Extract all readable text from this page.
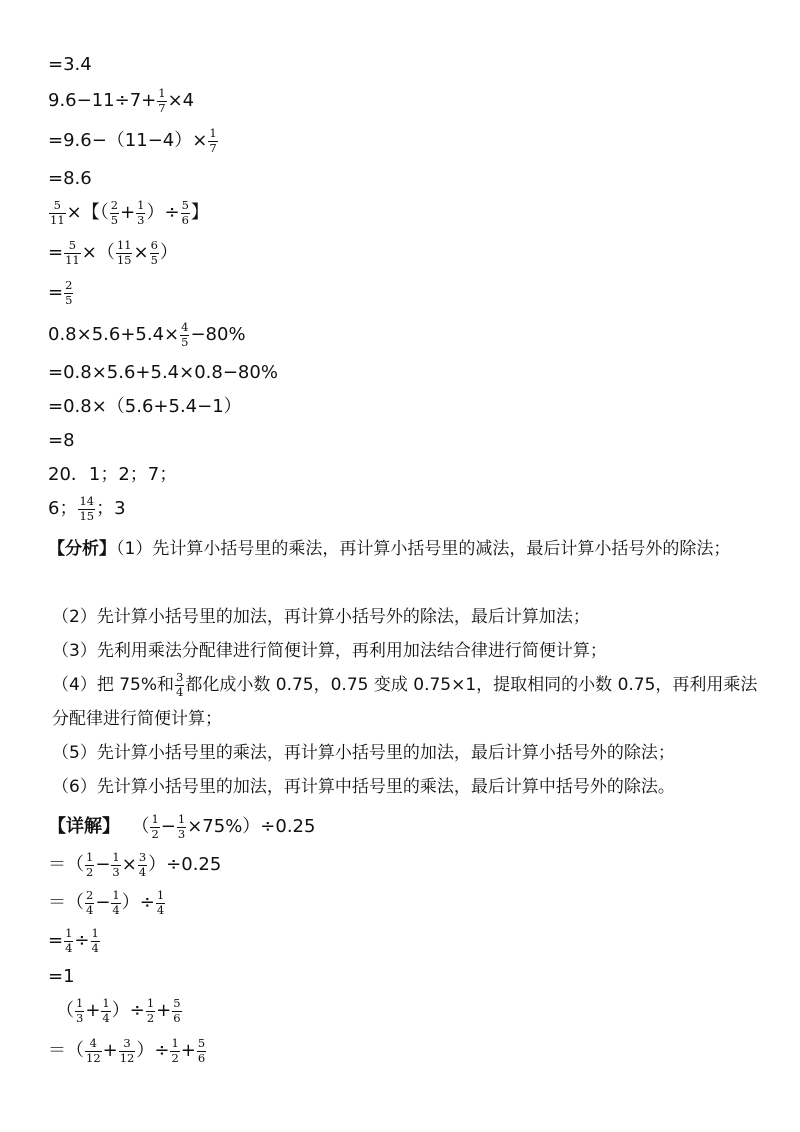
=3.4
$9.6-11\div 7+ \frac{1}{7} \times 4$
$=9.6-(11-4)\times \frac{1}{7}$
=8.6
$\frac{5}{11}$ ×【（ $\frac{2}{5} + \frac{1}{3}$ ）÷ $\frac{5}{6}$ 】
= $\frac{5}{11}$ ×（ $\frac{11}{15} \times \frac{6}{5}$ ）
= $\frac{2}{5}$
$0.8\times 5.6+5.4\times \frac{4}{5} -80\%$
=0.8×5.6+5.4×0.8−80%
=0.8×（5.6+5.4−1）
=8
20．1；2；7；
6； $\frac{14}{15}$ ；3
【分析】（1）先计算小括号里的乘法，再计算小括号里的减法，最后计算小括号外的除法；
（2）先计算小括号里的加法，再计算小括号外的除法，最后计算加法；
（3）先利用乘法分配律进行简便计算，再利用加法结合律进行简便计算；
（4）把 75%和 $\frac{3}{4}$ 都化成小数 0.75，0.75 变成 0.75×1，提取相同的小数 0.75，再利用乘法分配律进行简便计算；
（5）先计算小括号里的乘法，再计算小括号里的加法，最后计算小括号外的除法；
（6）先计算小括号里的加法，再计算中括号里的乘法，最后计算中括号外的除法。
【详解】 （ $\frac{1}{2} - \frac{1}{3} \times 75\%)\div 0.25$
＝（ $\frac{1}{2} - \frac{1}{3} \times \frac{3}{4} )\div 0.25$
＝（ $\frac{2}{4} - \frac{1}{4}$ ）÷ $\frac{1}{4}$
= $\frac{1}{4} \div \frac{1}{4}$
=1
（ $\frac{1}{3} + \frac{1}{4}$ ）÷ $\frac{1}{2} + \frac{5}{6}$
＝（ $\frac{4}{12} + \frac{3}{12}$ ）÷ $\frac{1}{2} + \frac{5}{6}$
